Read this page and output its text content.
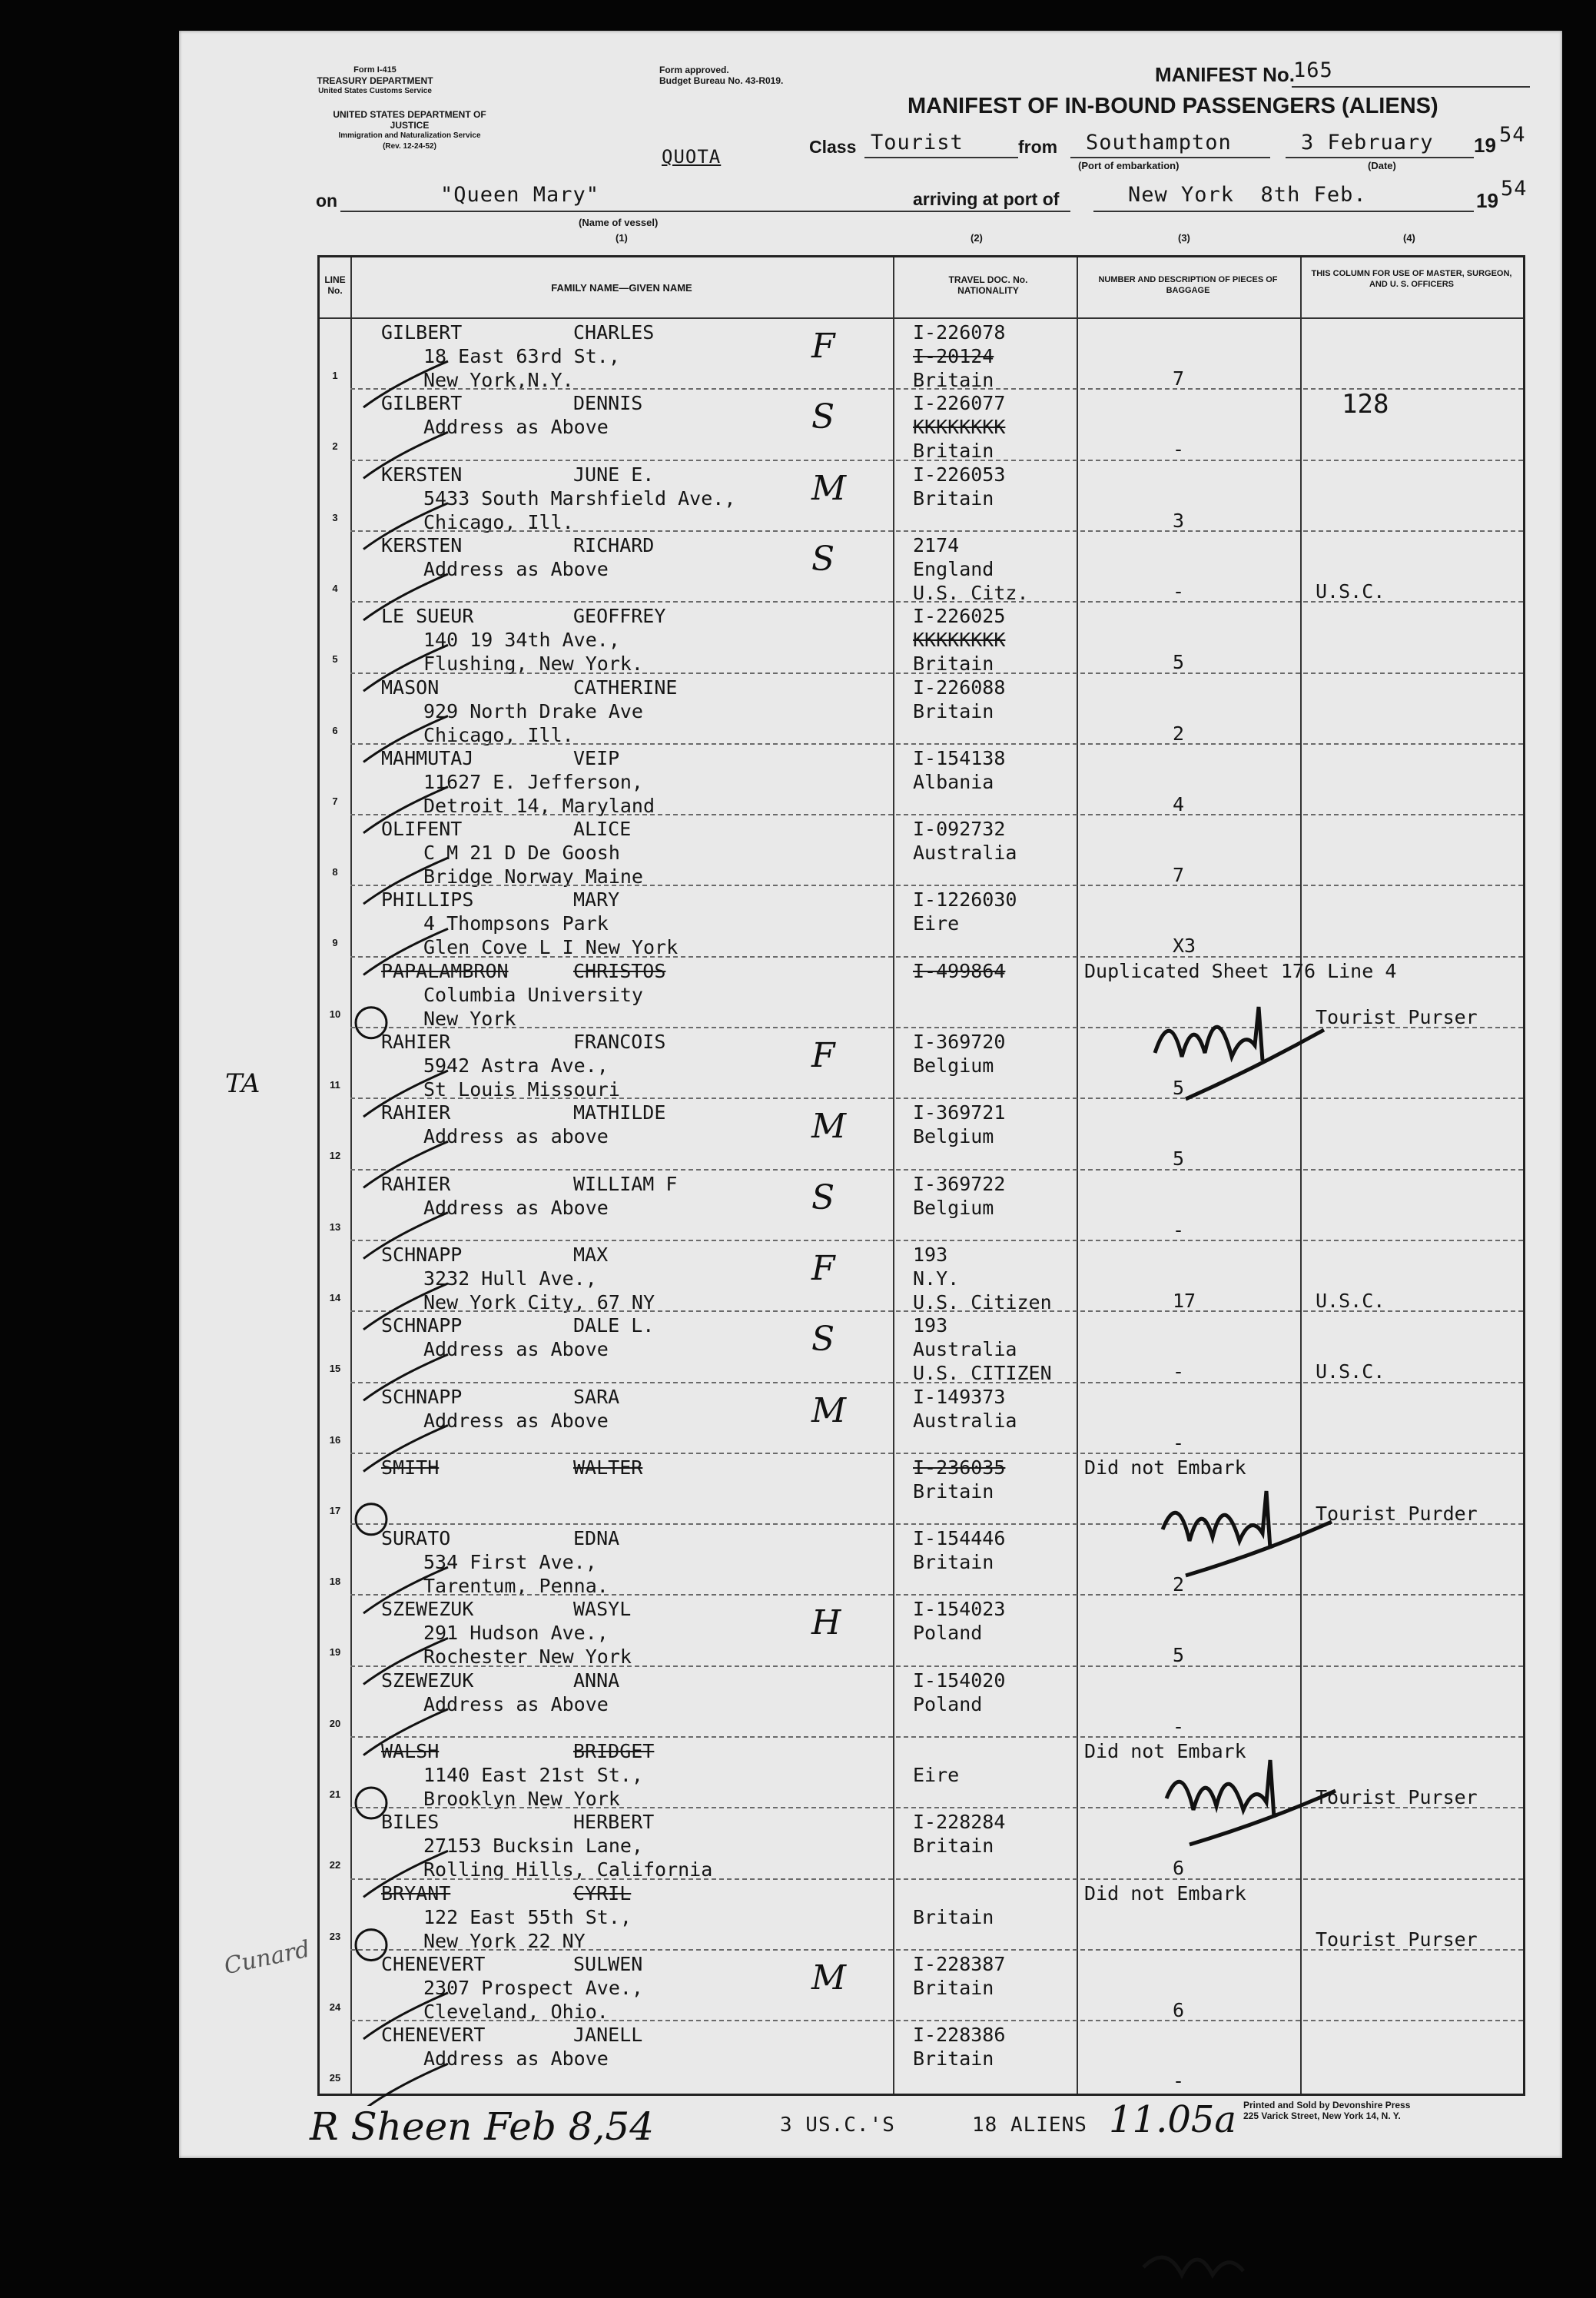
Form I-415
TREASURY DEPARTMENT
United States Customs Service
UNITED STATES DEPARTMENT OF JUSTICE
Immigration and Naturalization Service
(Rev. 12-24-52)
Form approved.
Budget Bureau No. 43-R019.
QUOTA
MANIFEST No.
165
MANIFEST OF IN-BOUND PASSENGERS (ALIENS)
Class Tourist	from Southampton
(Port of embarkation)
3 February
(Date)
19 54
on	"Queen Mary"
(Name of vessel)
arriving at port of	New York  8th Feb.	19 54
(1)	(2)	(3)	(4)
LINE No.	FAMILY NAME—GIVEN NAME
TRAVEL DOC. No. NATIONALITY
NUMBER AND DESCRIPTION OF PIECES OF BAGGAGE
THIS COLUMN FOR USE OF MASTER, SURGEON, AND U. S. OFFICERS
1
GILBERT	CHARLES
18 East 63rd St.,
New York,N.Y.
I-226078
I-20124
Britain	7
F
2
GILBERT	DENNIS
Address as Above
I-226077
KKKKKKKK
Britain	-
128
S
3
KERSTEN	JUNE E.
5433 South Marshfield Ave.,
Chicago, Ill.
I-226053
Britain
3
M
4
KERSTEN	RICHARD
Address as Above
2174
England
U.S. Citz.	-	U.S.C.
S
5
LE SUEUR	GEOFFREY
140 19 34th Ave.,
Flushing, New York.
I-226025
KKKKKKKK
Britain	5
6
MASON	CATHERINE
929 North Drake Ave
Chicago, Ill.
I-226088
Britain
2
7
MAHMUTAJ	VEIP
11627 E. Jefferson,
Detroit 14, Maryland
I-154138
Albania
4
8
OLIFENT	ALICE
C M 21 D De Goosh
Bridge Norway Maine
I-092732
Australia
7
9
PHILLIPS	MARY
4 Thompsons Park
Glen Cove L I New York
I-1226030
Eire
X3
10
PAPALAMBRON	CHRISTOS
Columbia University
New York
I-499864	Duplicated Sheet 176 Line 4
Tourist Purser
11
RAHIER	FRANCOIS
5942 Astra Ave.,
St Louis Missouri
I-369720
Belgium
5
F
12
RAHIER	MATHILDE
Address as above
I-369721
Belgium
5
M
13
RAHIER	WILLIAM F
Address as Above
I-369722
Belgium
-
S
14
SCHNAPP	MAX
3232 Hull Ave.,
New York City, 67 NY
193
N.Y.
U.S. Citizen	17	U.S.C.
F
15
SCHNAPP	DALE L.
Address as Above
193
Australia
U.S. CITIZEN	-	U.S.C.
S
16
SCHNAPP	SARA
Address as Above
I-149373
Australia
-
M
17
SMITH	WALTER	I-236035
Britain
Did not Embark
Tourist Purder
18
SURATO	EDNA
534 First Ave.,
Tarentum, Penna.
I-154446
Britain
2
19
SZEWEZUK	WASYL
291 Hudson Ave.,
Rochester New York
I-154023
Poland
5
H
20
SZEWEZUK	ANNA
Address as Above
I-154020
Poland
-
21
WALSH	BRIDGET
1140 East 21st St.,
Brooklyn New York
Eire
Did not Embark
Tourist Purser
22
BILES	HERBERT
27153 Bucksin Lane,
Rolling Hills, California
I-228284
Britain
6
23
BRYANT	CYRIL
122 East 55th St.,
New York 22 NY
Britain
Did not Embark
Tourist Purser
24
CHENEVERT	SULWEN
2307 Prospect Ave.,
Cleveland, Ohio.
I-228387
Britain
6
M
25
CHENEVERT	JANELL
Address as Above
I-228386
Britain
-
TA
Cunard
R Sheen Feb 8,54	3 US.C.'S	18 ALIENS 11.05a Printed and Sold by Devonshire Press
225 Varick Street, New York 14, N. Y.
